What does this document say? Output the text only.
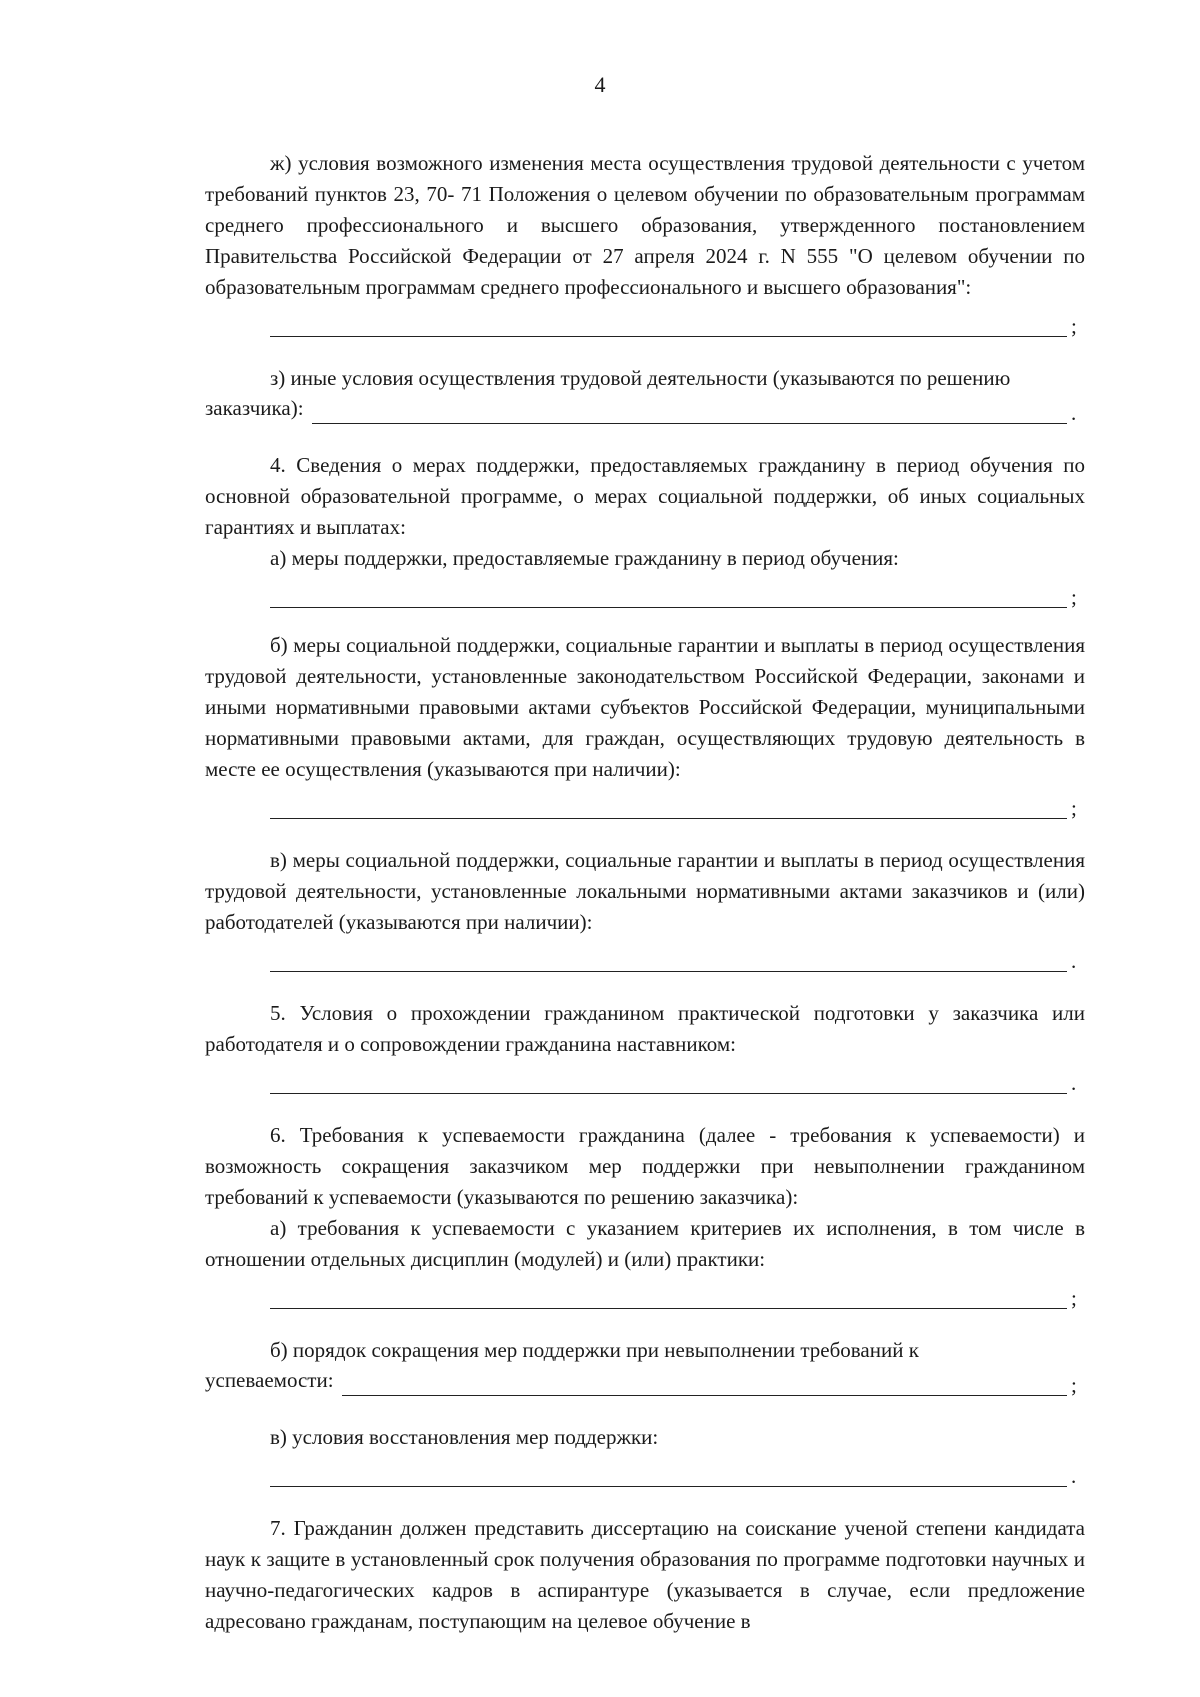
4

ж) условия возможного изменения места осуществления трудовой деятельности с учетом требований пунктов 23, 70- 71 Положения о целевом обучении по образовательным программам среднего профессионального и высшего образования, утвержденного постановлением Правительства Российской Федерации от 27 апреля 2024 г. N 555 "О целевом обучении по образовательным программам среднего профессионального и высшего образования":

;

з) иные условия осуществления трудовой деятельности (указываются по решению

заказчика):	.

4. Сведения о мерах поддержки, предоставляемых гражданину в период обучения по основной образовательной программе, о мерах социальной поддержки, об иных социальных гарантиях и выплатах:

а) меры поддержки, предоставляемые гражданину в период обучения:

;

б) меры социальной поддержки, социальные гарантии и выплаты в период осуществления трудовой деятельности, установленные законодательством Российской Федерации, законами и иными нормативными правовыми актами субъектов Российской Федерации, муниципальными нормативными правовыми актами, для граждан, осуществляющих трудовую деятельность в месте ее осуществления (указываются при наличии):

;

в) меры социальной поддержки, социальные гарантии и выплаты в период осуществления трудовой деятельности, установленные локальными нормативными актами заказчиков и (или) работодателей (указываются при наличии):

.

5. Условия о прохождении гражданином практической подготовки у заказчика или работодателя и о сопровождении гражданина наставником:

.

6. Требования к успеваемости гражданина (далее - требования к успеваемости) и возможность сокращения заказчиком мер поддержки при невыполнении гражданином требований к успеваемости (указываются по решению заказчика):

а) требования к успеваемости с указанием критериев их исполнения, в том числе в отношении отдельных дисциплин (модулей) и (или) практики:

;

б) порядок сокращения мер поддержки при невыполнении требований к

успеваемости:	;

в) условия восстановления мер поддержки:

.

7. Гражданин должен представить диссертацию на соискание ученой степени кандидата наук к защите в установленный срок получения образования по программе подготовки научных и научно-педагогических кадров в аспирантуре (указывается в случае, если предложение адресовано гражданам, поступающим на целевое обучение в
